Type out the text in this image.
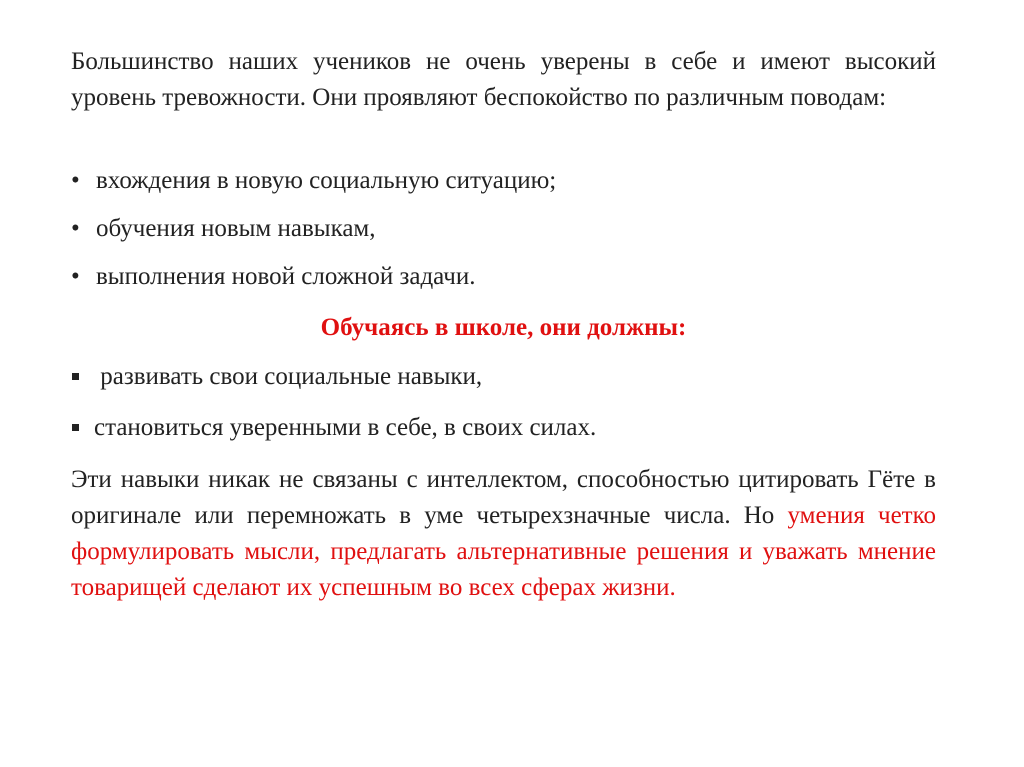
Большинство наших учеников не очень уверены в себе и имеют высокий уровень тревожности. Они проявляют беспокойство по различным поводам:

• вхождения в новую социальную ситуацию;
• обучения новым навыкам,
• выполнения новой сложной задачи.

Обучаясь в школе, они должны:

развивать свои социальные навыки,
становиться уверенными в себе, в своих силах.

Эти навыки никак не связаны с интеллектом, способностью цитировать Гёте в оригинале или перемножать в уме четырехзначные числа. Но умения четко формулировать мысли, предлагать альтернативные решения и уважать мнение товарищей сделают их успешным во всех сферах жизни.
